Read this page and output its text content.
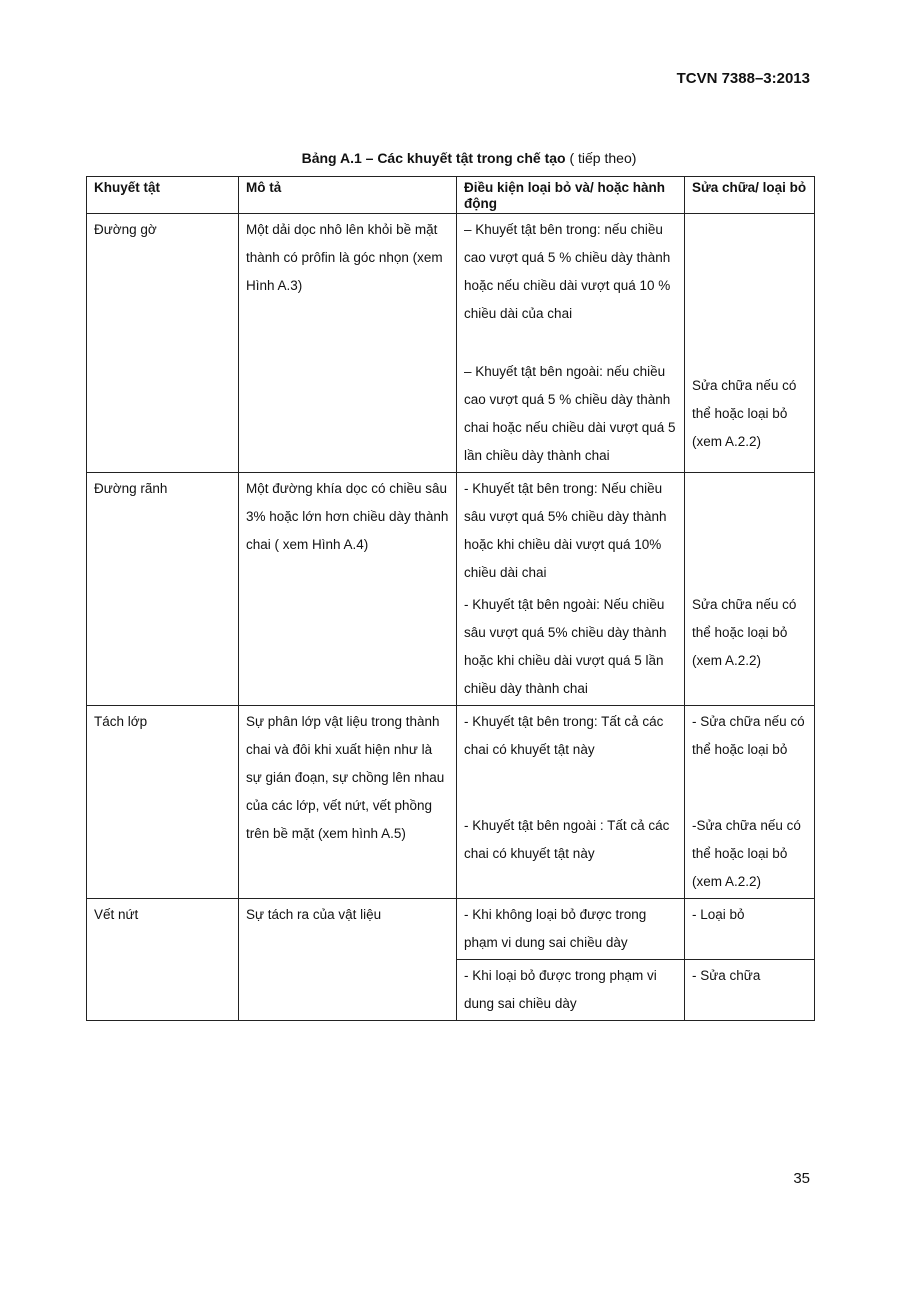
TCVN 7388–3:2013
Bảng A.1 – Các khuyết tật trong chế tạo ( tiếp theo)
Khuyết tật	Mô tả	Điều kiện loại bỏ và/ hoặc hành động	Sửa chữa/ loại bỏ
Đường gờ	Một dải dọc nhô lên khỏi bề mặt thành có prôfin là góc nhọn (xem Hình A.3)	– Khuyết tật bên trong: nếu chiều cao vượt quá 5 % chiều dày thành hoặc nếu chiều dài vượt quá 10 % chiều dài của chai	
		– Khuyết tật bên ngoài: nếu chiều cao vượt quá 5 % chiều dày thành chai hoặc nếu chiều dài vượt quá 5 lần chiều dày thành chai	Sửa chữa nếu có thể hoặc loại bỏ (xem A.2.2)
Đường rãnh	Một đường khía dọc có chiều sâu 3% hoặc lớn hơn chiều dày thành chai ( xem Hình A.4)	- Khuyết tật bên trong: Nếu chiều sâu vượt quá 5% chiều dày thành hoặc khi chiều dài vượt quá 10% chiều dài chai	
		- Khuyết tật bên ngoài: Nếu chiều sâu vượt quá 5% chiều dày thành hoặc khi chiều dài vượt quá 5 lần chiều dày thành chai	Sửa chữa nếu có thể hoặc loại bỏ (xem A.2.2)
Tách lớp	Sự phân lớp vật liệu trong thành chai và đôi khi xuất hiện như là sự gián đoạn, sự chồng lên nhau của các lớp, vết nứt, vết phồng trên bề mặt (xem hình A.5)	- Khuyết tật bên trong: Tất cả các chai có khuyết tật này	- Sửa chữa nếu có thể hoặc loại bỏ
		- Khuyết tật bên ngoài : Tất cả các chai có khuyết tật này	-Sửa chữa nếu có thể hoặc loại bỏ (xem A.2.2)
Vết nứt	Sự tách ra của vật liệu	- Khi không loại bỏ được trong phạm vi dung sai chiều dày	- Loại bỏ
		- Khi loại bỏ được trong phạm vi dung sai chiều dày	- Sửa chữa
35
